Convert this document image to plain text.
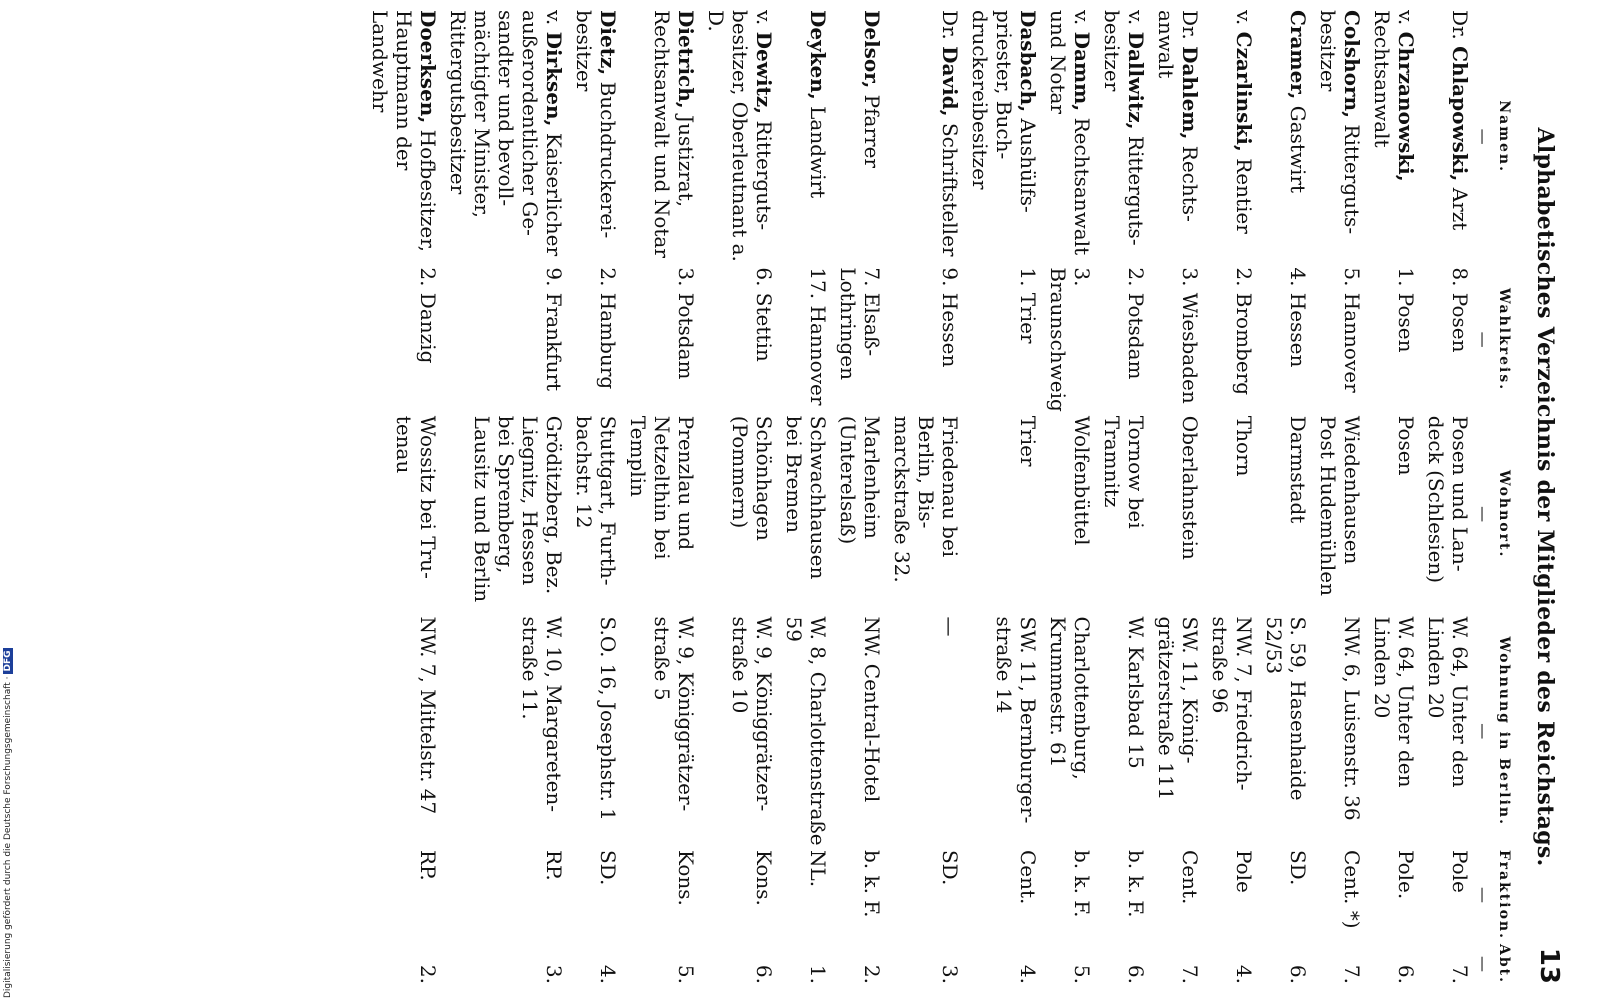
Alphabetisches Verzeichnis der Mitglieder des Reichstags.
13
Namen.	Wahlkreis.	Wohnort.	Wohnung in Berlin.	Fraktion.	Abt.
—	—	—	—	—	—
Dr. Chlapowski, Arzt	8. Posen	Posen und Landeck (Schlesien)	W. 64, Unter den Linden 20	Pole	7.
v. Chrzanowski, Rechtsanwalt	1. Posen	Posen	W. 64, Unter den Linden 20	Pole.	6.
Colshorn, Rittergutsbesitzer	5. Hannover	Wiedenhausen Post Hudemühlen	NW. 6, Luisenstr. 36	Cent. *)	7.
Cramer, Gastwirt	4. Hessen	Darmstadt	S. 59, Hasenhaide 52/53	SD.	6.
v. Czarlinski, Rentier	2. Bromberg	Thorn	NW. 7, Friedrichstraße 96	Pole	4.
Dr. Dahlem, Rechtsanwalt	3. Wiesbaden	Oberlahnstein	SW. 11, Königgrätzerstraße 111	Cent.	7.
v. Dallwitz, Rittergutsbesitzer	2. Potsdam	Tornow bei Tramnitz	W. Karlsbad 15	b. k. F.	6.
v. Damm, Rechtsanwalt und Notar	3. Braunschweig	Wolfenbüttel	Charlottenburg, Krummestr. 61	b. k. F.	5.
Dasbach, Aushülfspriester, Buchdruckereibesitzer	1. Trier	Trier	SW. 11, Bernburgerstraße 14	Cent.	4.
Dr. David, Schriftsteller	9. Hessen	Friedenau bei Berlin, Bismarckstraße 32.	—	SD.	3.
Delsor, Pfarrer	7. Elsaß-Lothringen	Marlenheim (Unterelsaß)	NW. Central-Hotel	b. k. F.	2.
Deyken, Landwirt	17. Hannover	Schwachhausen bei Bremen	W. 8, Charlottenstraße 59	NL.	1.
v. Dewitz, Rittergutsbesitzer, Oberleutnant a. D.	6. Stettin	Schönhagen (Pommern)	W. 9, Königgrätzerstraße 10	Kons.	6.
Dietrich, Justizrat, Rechtsanwalt und Notar	3. Potsdam	Prenzlau und Netzelthin bei Templin	W. 9, Königgrätzerstraße 5	Kons.	5.
Dietz, Buchdruckereibesitzer	2. Hamburg	Stuttgart, Furthbachstr. 12	S.O. 16, Josephstr. 1	SD.	4.
v. Dirksen, Kaiserlicher außerordentlicher Gesandter und bevollmächtigter Minister, Rittergutsbesitzer	9. Frankfurt	Gröditzberg, Bez. Liegnitz, Hessen bei Spremberg, Lausitz und Berlin	W. 10, Margaretenstraße 11.	RP.	3.
Doerksen, Hofbesitzer, Hauptmann der Landwehr	2. Danzig	Wossitz bei Trutenau	NW. 7, Mittelstr. 47	RP.	2.
Digitalisierung gefördert durch die Deutsche Forschungsgemeinschaft ·DFG
